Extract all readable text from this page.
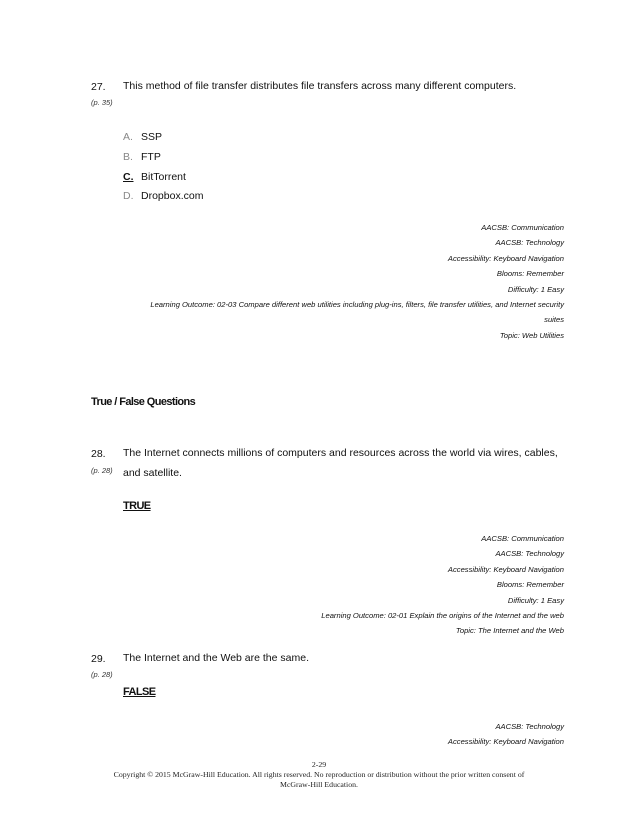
27. This method of file transfer distributes file transfers across many different computers.
(p. 35)
A. SSP
B. FTP
C. BitTorrent
D. Dropbox.com
AACSB: Communication
AACSB: Technology
Accessibility: Keyboard Navigation
Blooms: Remember
Difficulty: 1 Easy
Learning Outcome: 02-03 Compare different web utilities including plug-ins, filters, file transfer utilities, and Internet security
suites
Topic: Web Utilities
True / False Questions
28. The Internet connects millions of computers and resources across the world via wires, cables,
and satellite.
(p. 28)
TRUE
AACSB: Communication
AACSB: Technology
Accessibility: Keyboard Navigation
Blooms: Remember
Difficulty: 1 Easy
Learning Outcome: 02-01 Explain the origins of the Internet and the web
Topic: The Internet and the Web
29. The Internet and the Web are the same.
(p. 28)
FALSE
AACSB: Technology
Accessibility: Keyboard Navigation
2-29
Copyright © 2015 McGraw-Hill Education. All rights reserved. No reproduction or distribution without the prior written consent of
McGraw-Hill Education.
